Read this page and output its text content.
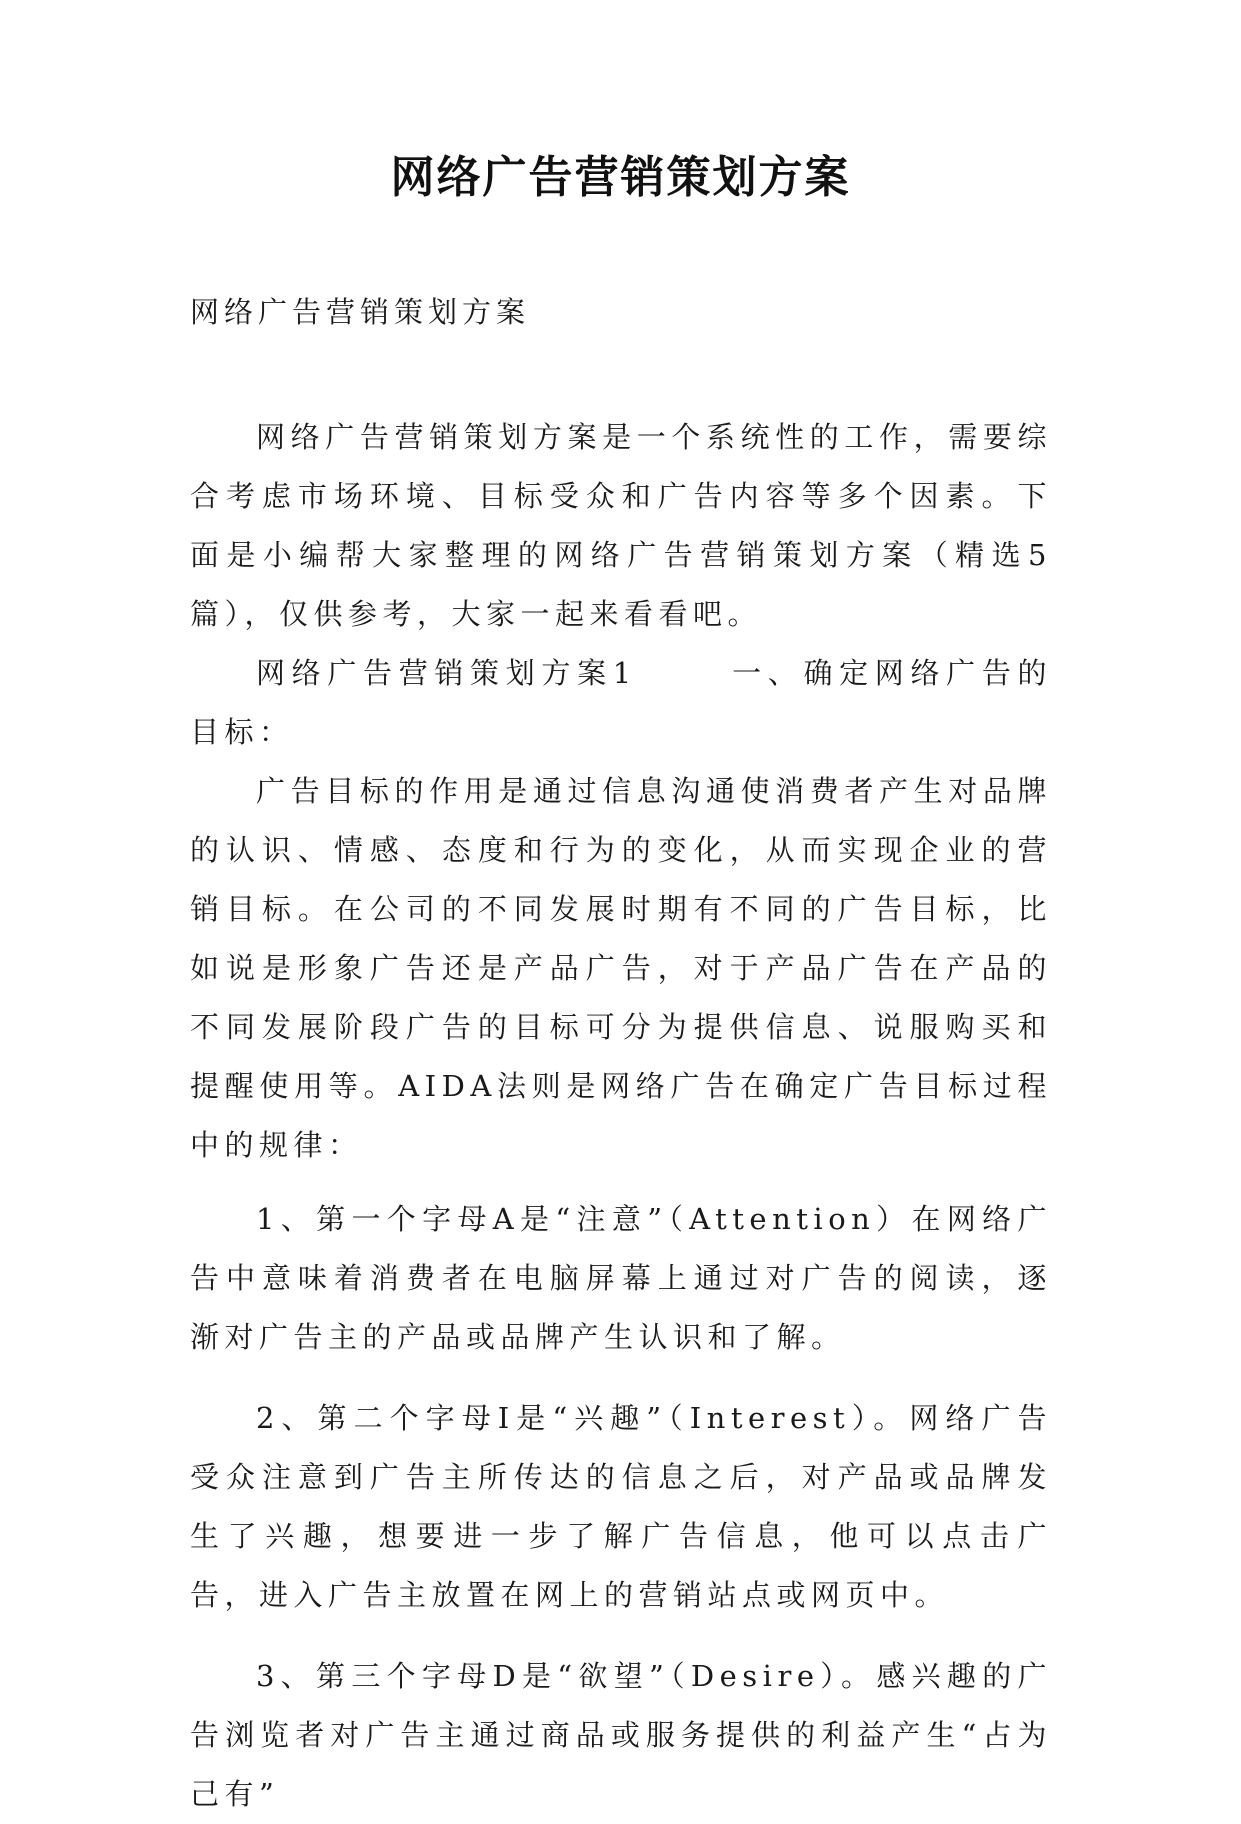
网络广告营销策划方案

网络广告营销策划方案

网络广告营销策划方案是一个系统性的工作，需要综合考虑市场环境、目标受众和广告内容等多个因素。下面是小编帮大家整理的网络广告营销策划方案（精选5篇），仅供参考，大家一起来看看吧。

网络广告营销策划方案1	一、确定网络广告的目标：

广告目标的作用是通过信息沟通使消费者产生对品牌的认识、情感、态度和行为的变化，从而实现企业的营销目标。在公司的不同发展时期有不同的广告目标，比如说是形象广告还是产品广告，对于产品广告在产品的不同发展阶段广告的目标可分为提供信息、说服购买和提醒使用等。AIDA法则是网络广告在确定广告目标过程中的规律：

1、第一个字母A是“注意”（Attention）在网络广告中意味着消费者在电脑屏幕上通过对广告的阅读，逐渐对广告主的产品或品牌产生认识和了解。

2、第二个字母I是“兴趣”（Interest）。网络广告受众注意到广告主所传达的信息之后，对产品或品牌发生了兴趣，想要进一步了解广告信息，他可以点击广告，进入广告主放置在网上的营销站点或网页中。

3、第三个字母D是“欲望”（Desire）。感兴趣的广告浏览者对广告主通过商品或服务提供的利益产生“占为己有”
